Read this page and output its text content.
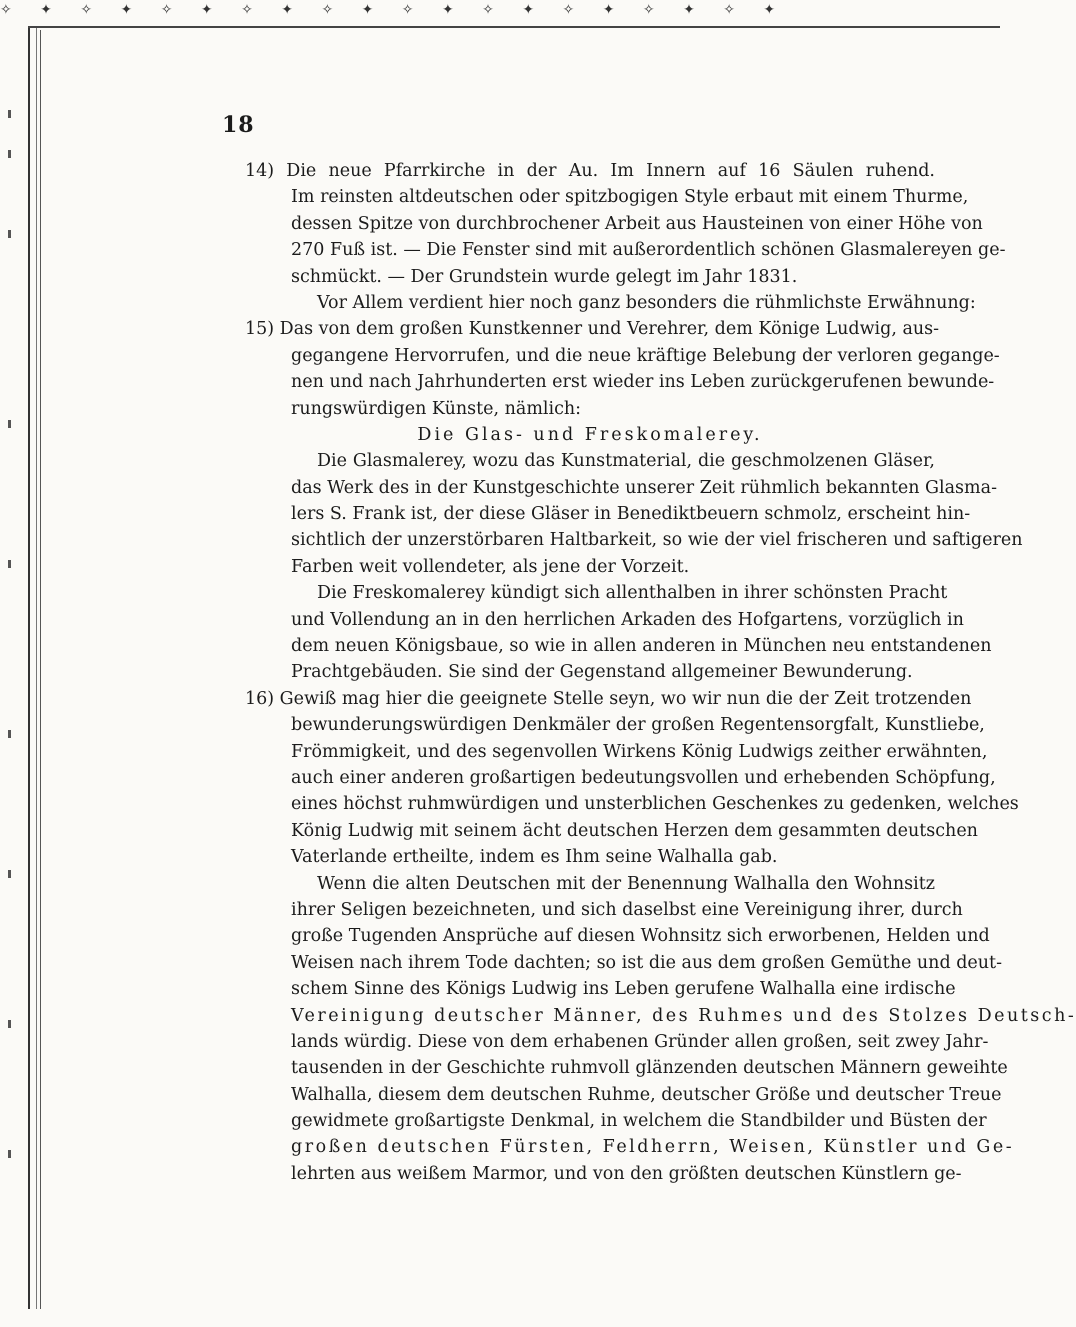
✧ ✦ ✧ ✦ ✧ ✦ ✧ ✦ ✧ ✦ ✧ ✦ ✧ ✦ ✧ ✦ ✧ ✦ ✧ ✦
18
14) Die neue Pfarrkirche in der Au. Im Innern auf 16 Säulen ruhend.
Im reinsten altdeutschen oder spitzbogigen Style erbaut mit einem Thurme,
dessen Spitze von durchbrochener Arbeit aus Hausteinen von einer Höhe von
270 Fuß ist. — Die Fenster sind mit außerordentlich schönen Glasmalereyen ge-
schmückt. — Der Grundstein wurde gelegt im Jahr 1831.
Vor Allem verdient hier noch ganz besonders die rühmlichste Erwähnung:
15) Das von dem großen Kunstkenner und Verehrer, dem Könige Ludwig, aus-
gegangene Hervorrufen, und die neue kräftige Belebung der verloren gegange-
nen und nach Jahrhunderten erst wieder ins Leben zurückgerufenen bewunde-
rungswürdigen Künste, nämlich:
Die Glas- und Freskomalerey.
Die Glasmalerey, wozu das Kunstmaterial, die geschmolzenen Gläser,
das Werk des in der Kunstgeschichte unserer Zeit rühmlich bekannten Glasma-
lers S. Frank ist, der diese Gläser in Benediktbeuern schmolz, erscheint hin-
sichtlich der unzerstörbaren Haltbarkeit, so wie der viel frischeren und saftigeren
Farben weit vollendeter, als jene der Vorzeit.
Die Freskomalerey kündigt sich allenthalben in ihrer schönsten Pracht
und Vollendung an in den herrlichen Arkaden des Hofgartens, vorzüglich in
dem neuen Königsbaue, so wie in allen anderen in München neu entstandenen
Prachtgebäuden. Sie sind der Gegenstand allgemeiner Bewunderung.
16) Gewiß mag hier die geeignete Stelle seyn, wo wir nun die der Zeit trotzenden
bewunderungswürdigen Denkmäler der großen Regentensorgfalt, Kunstliebe,
Frömmigkeit, und des segenvollen Wirkens König Ludwigs zeither erwähnten,
auch einer anderen großartigen bedeutungsvollen und erhebenden Schöpfung,
eines höchst ruhmwürdigen und unsterblichen Geschenkes zu gedenken, welches
König Ludwig mit seinem ächt deutschen Herzen dem gesammten deutschen
Vaterlande ertheilte, indem es Ihm seine Walhalla gab.
Wenn die alten Deutschen mit der Benennung Walhalla den Wohnsitz
ihrer Seligen bezeichneten, und sich daselbst eine Vereinigung ihrer, durch
große Tugenden Ansprüche auf diesen Wohnsitz sich erworbenen, Helden und
Weisen nach ihrem Tode dachten; so ist die aus dem großen Gemüthe und deut-
schem Sinne des Königs Ludwig ins Leben gerufene Walhalla eine irdische
Vereinigung deutscher Männer, des Ruhmes und des Stolzes Deutsch-
lands würdig. Diese von dem erhabenen Gründer allen großen, seit zwey Jahr-
tausenden in der Geschichte ruhmvoll glänzenden deutschen Männern geweihte
Walhalla, diesem dem deutschen Ruhme, deutscher Größe und deutscher Treue
gewidmete großartigste Denkmal, in welchem die Standbilder und Büsten der
großen deutschen Fürsten, Feldherrn, Weisen, Künstler und Ge-
lehrten aus weißem Marmor, und von den größten deutschen Künstlern ge-
